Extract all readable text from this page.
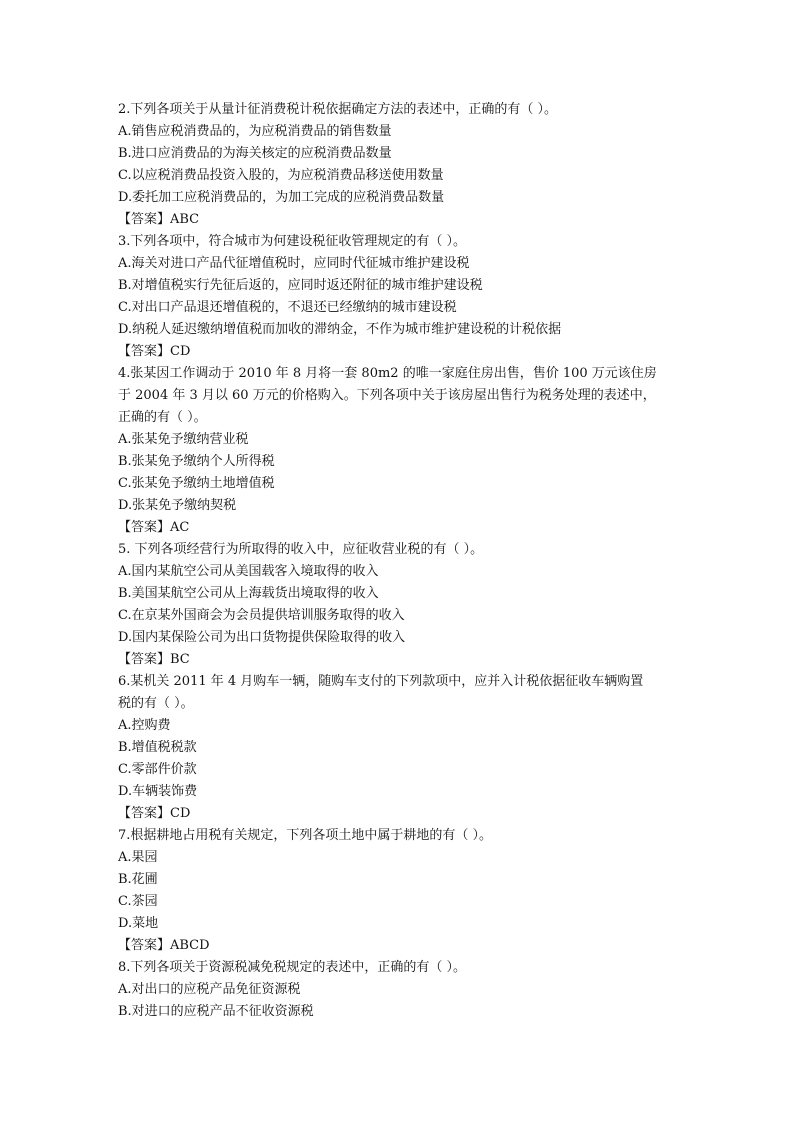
2.下列各项关于从量计征消费税计税依据确定方法的表述中，正确的有（ ）。
A.销售应税消费品的，为应税消费品的销售数量
B.进口应消费品的为海关核定的应税消费品数量
C.以应税消费品投资入股的，为应税消费品移送使用数量
D.委托加工应税消费品的，为加工完成的应税消费品数量
【答案】ABC
3.下列各项中，符合城市为何建设税征收管理规定的有（ ）。
A.海关对进口产品代征增值税时，应同时代征城市维护建设税
B.对增值税实行先征后返的，应同时返还附征的城市维护建设税
C.对出口产品退还增值税的，不退还已经缴纳的城市建设税
D.纳税人延迟缴纳增值税而加收的滞纳金，不作为城市维护建设税的计税依据
【答案】CD
4.张某因工作调动于 2010 年 8 月将一套 80m2 的唯一家庭住房出售，售价 100 万元该住房
于 2004 年 3 月以 60 万元的价格购入。下列各项中关于该房屋出售行为税务处理的表述中，
正确的有（ ）。
A.张某免予缴纳营业税
B.张某免予缴纳个人所得税
C.张某免予缴纳土地增值税
D.张某免予缴纳契税
【答案】AC
5. 下列各项经营行为所取得的收入中，应征收营业税的有（ ）。
A.国内某航空公司从美国载客入境取得的收入
B.美国某航空公司从上海载货出境取得的收入
C.在京某外国商会为会员提供培训服务取得的收入
D.国内某保险公司为出口货物提供保险取得的收入
【答案】BC
6.某机关 2011 年 4 月购车一辆，随购车支付的下列款项中，应并入计税依据征收车辆购置
税的有（ ）。
A.控购费
B.增值税税款
C.零部件价款
D.车辆装饰费
【答案】CD
7.根据耕地占用税有关规定，下列各项土地中属于耕地的有（ ）。
A.果园
B.花圃
C.茶园
D.菜地
【答案】ABCD
8.下列各项关于资源税减免税规定的表述中，正确的有（ ）。
A.对出口的应税产品免征资源税
B.对进口的应税产品不征收资源税
